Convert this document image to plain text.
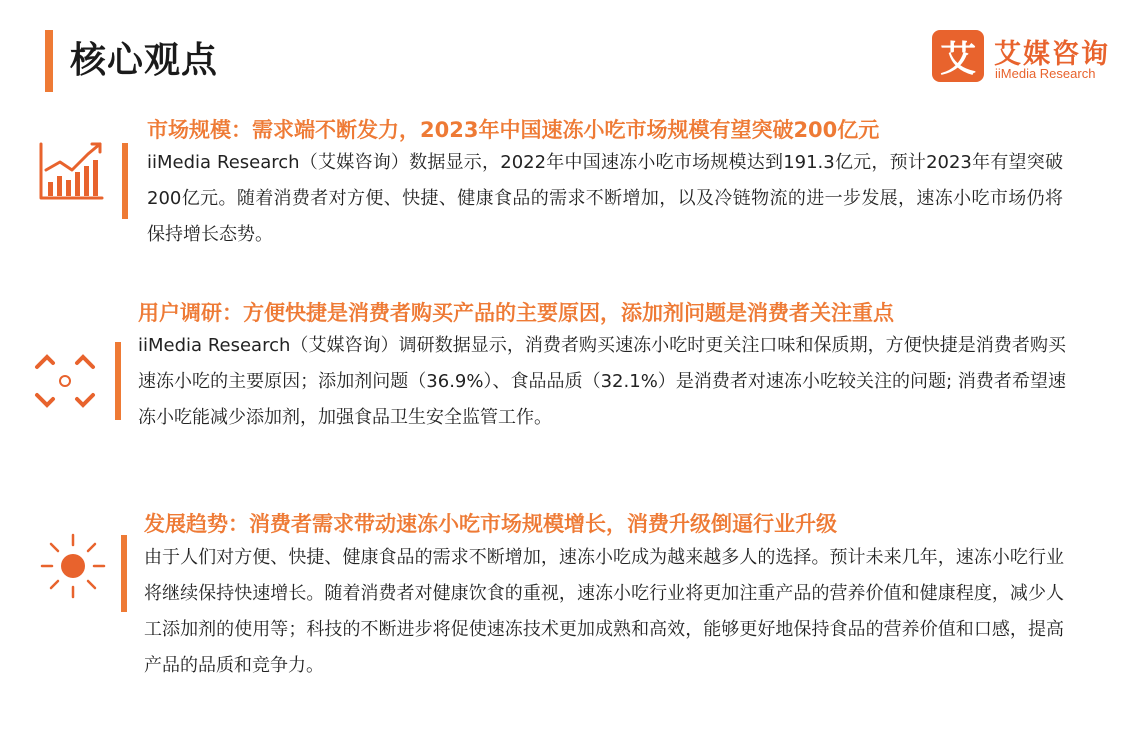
核心观点	艾 艾媒咨询
iiMedia Research
市场规模：需求端不断发力，2023年中国速冻小吃市场规模有望突破200亿元
iiMedia Research（艾媒咨询）数据显示，2022年中国速冻小吃市场规模达到191.3亿元，预计2023年有望突破200亿元。随着消费者对方便、快捷、健康食品的需求不断增加，以及冷链物流的进一步发展，速冻小吃市场仍将保持增长态势。
用户调研：方便快捷是消费者购买产品的主要原因，添加剂问题是消费者关注重点
iiMedia Research（艾媒咨询）调研数据显示，消费者购买速冻小吃时更关注口味和保质期，方便快捷是消费者购买速冻小吃的主要原因；添加剂问题（36.9%）、食品品质（32.1%）是消费者对速冻小吃较关注的问题; 消费者希望速冻小吃能减少添加剂，加强食品卫生安全监管工作。
发展趋势：消费者需求带动速冻小吃市场规模增长，消费升级倒逼行业升级
由于人们对方便、快捷、健康食品的需求不断增加，速冻小吃成为越来越多人的选择。预计未来几年，速冻小吃行业将继续保持快速增长。随着消费者对健康饮食的重视，速冻小吃行业将更加注重产品的营养价值和健康程度，减少人工添加剂的使用等；科技的不断进步将促使速冻技术更加成熟和高效，能够更好地保持食品的营养价值和口感，提高产品的品质和竞争力。
